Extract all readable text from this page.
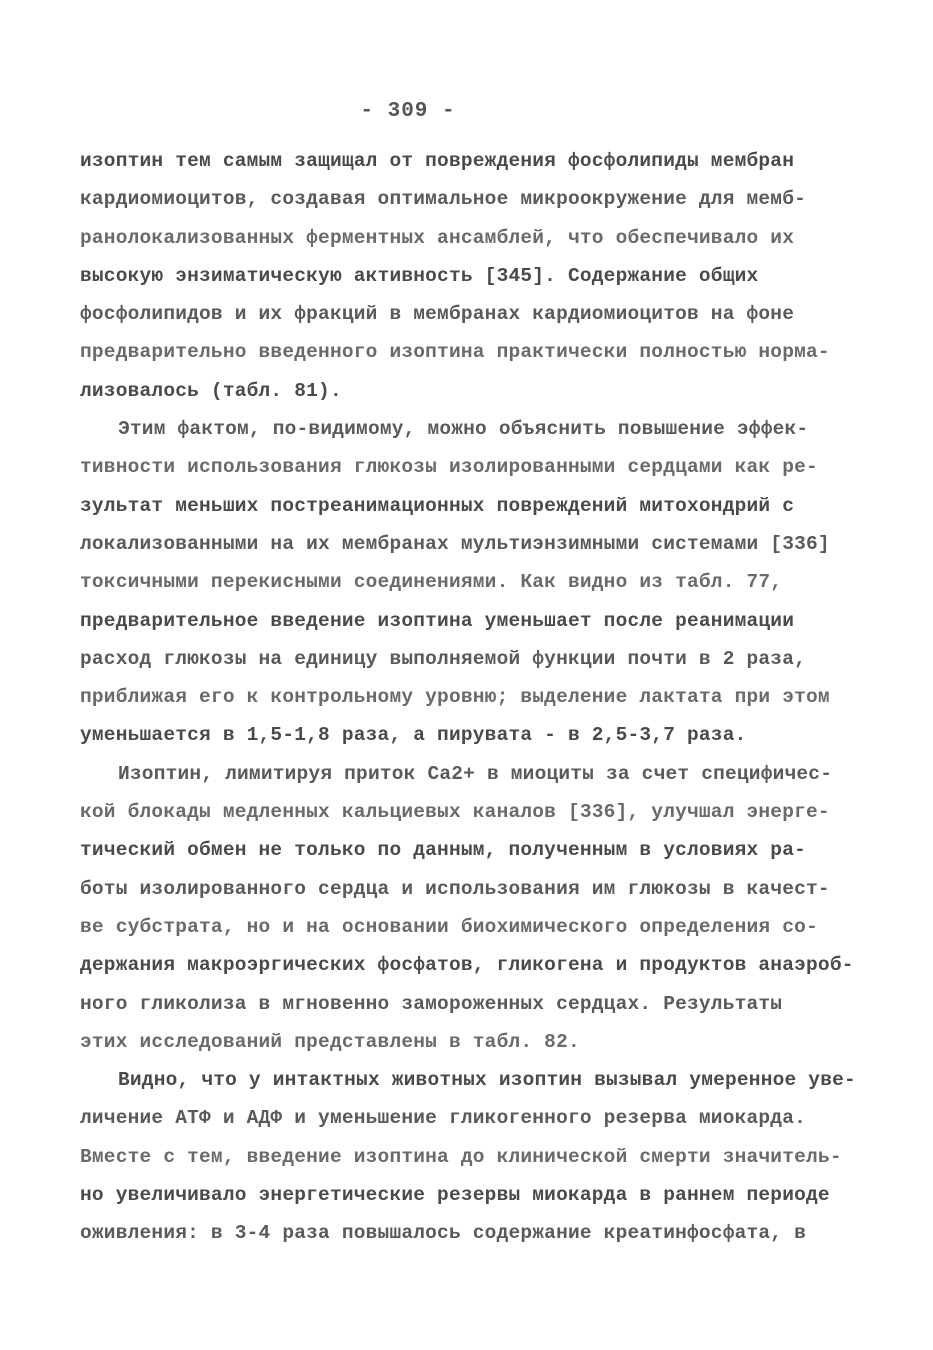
- 309 -
изоптин тем самым защищал от повреждения фосфолипиды мембран
кардиомиоцитов, создавая оптимальное микроокружение для мемб-
ранолокализованных ферментных ансамблей, что обеспечивало их
высокую энзиматическую активность [345]. Содержание общих
фосфолипидов и их фракций в мембранах кардиомиоцитов на фоне
предварительно введенного изоптина практически полностью норма-
лизовалось (табл. 81).
Этим фактом, по-видимому, можно объяснить повышение эффек-
тивности использования глюкозы изолированными сердцами как ре-
зультат меньших постреанимационных повреждений митохондрий с
локализованными на их мембранах мультиэнзимными системами [336]
токсичными перекисными соединениями. Как видно из табл. 77,
предварительное введение изоптина уменьшает после реанимации
расход глюкозы на единицу выполняемой функции почти в 2 раза,
приближая его к контрольному уровню; выделение лактата при этом
уменьшается в 1,5-1,8 раза, а пирувата - в 2,5-3,7 раза.
Изоптин, лимитируя приток Ca2+ в миоциты за счет специфичес-
кой блокады медленных кальциевых каналов [336], улучшал энерге-
тический обмен не только по данным, полученным в условиях ра-
боты изолированного сердца и использования им глюкозы в качест-
ве субстрата, но и на основании биохимического определения со-
держания макроэргических фосфатов, гликогена и продуктов анаэроб-
ного гликолиза в мгновенно замороженных сердцах. Результаты
этих исследований представлены в табл. 82.
Видно, что у интактных животных изоптин вызывал умеренное уве-
личение АТФ и АДФ и уменьшение гликогенного резерва миокарда.
Вместе с тем, введение изоптина до клинической смерти значитель-
но увеличивало энергетические резервы миокарда в раннем периоде
оживления: в 3-4 раза повышалось содержание креатинфосфата, в
